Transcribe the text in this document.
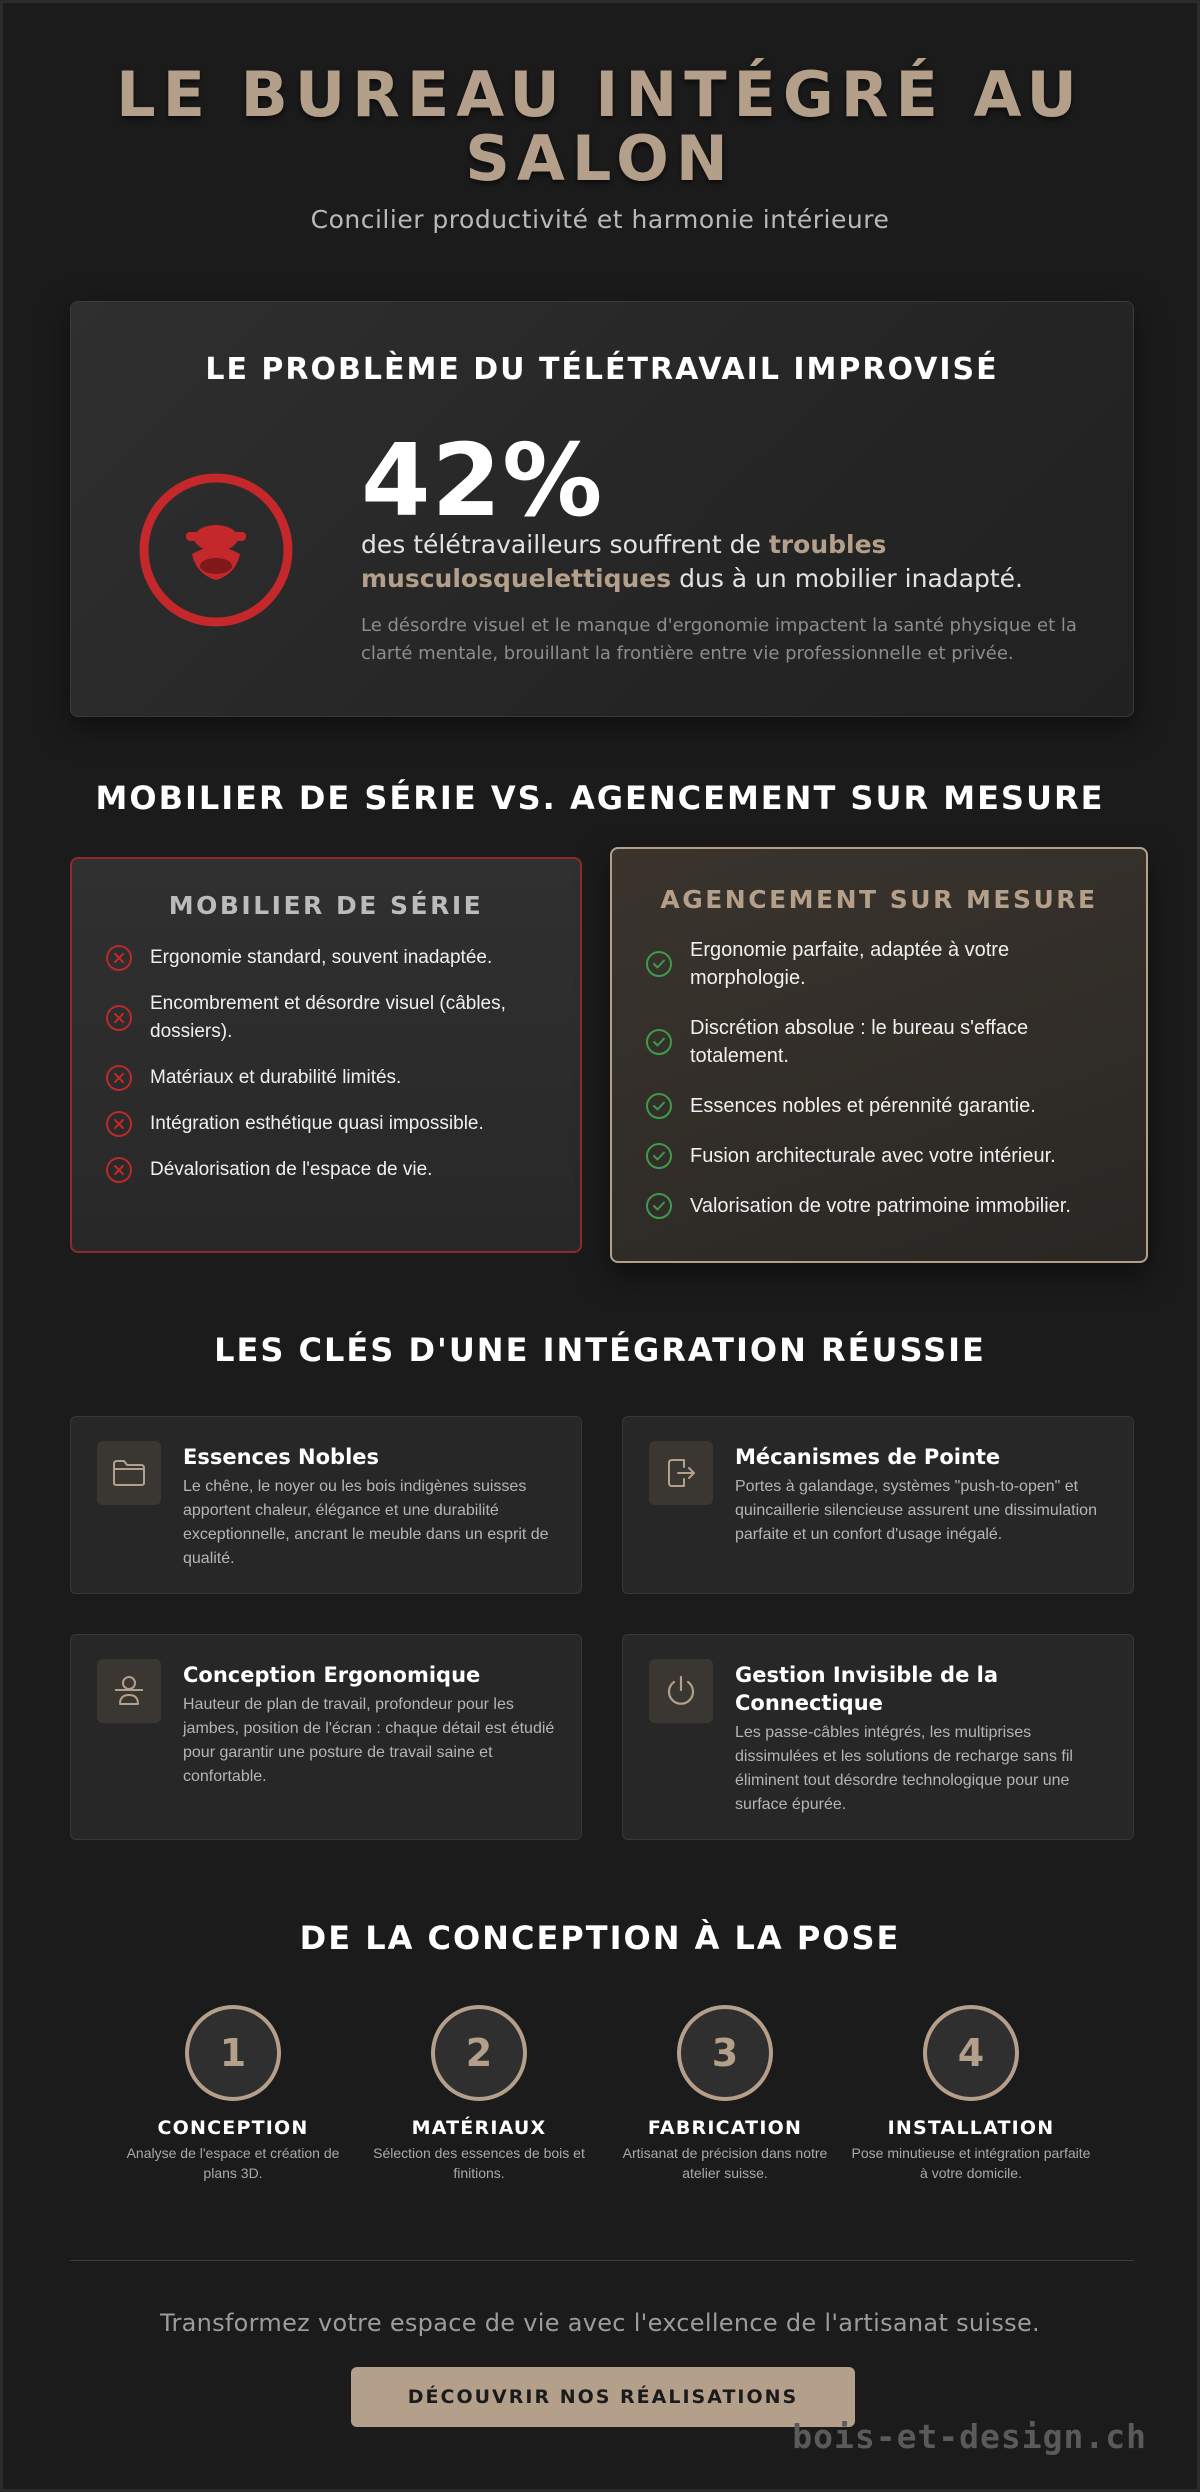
LE BUREAU INTÉGRÉ AU SALON

Concilier productivité et harmonie intérieure

LE PROBLÈME DU TÉLÉTRAVAIL IMPROVISÉ
42%

des télétravailleurs souffrent de troubles musculosquelettiques dus à un mobilier inadapté.

Le désordre visuel et le manque d'ergonomie impactent la santé physique et la clarté mentale, brouillant la frontière entre vie professionnelle et privée.

MOBILIER DE SÉRIE VS. AGENCEMENT SUR MESURE
MOBILIER DE SÉRIE
Ergonomie standard, souvent inadaptée.
Encombrement et désordre visuel (câbles, dossiers).
Matériaux et durabilité limités.
Intégration esthétique quasi impossible.
Dévalorisation de l'espace de vie.
AGENCEMENT SUR MESURE
Ergonomie parfaite, adaptée à votre morphologie.
Discrétion absolue : le bureau s'efface totalement.
Essences nobles et pérennité garantie.
Fusion architecturale avec votre intérieur.
Valorisation de votre patrimoine immobilier.
LES CLÉS D'UNE INTÉGRATION RÉUSSIE
Essences Nobles

Le chêne, le noyer ou les bois indigènes suisses apportent chaleur, élégance et une durabilité exceptionnelle, ancrant le meuble dans un esprit de qualité.

Mécanismes de Pointe

Portes à galandage, systèmes "push-to-open" et quincaillerie silencieuse assurent une dissimulation parfaite et un confort d'usage inégalé.

Conception Ergonomique

Hauteur de plan de travail, profondeur pour les jambes, position de l'écran : chaque détail est étudié pour garantir une posture de travail saine et confortable.

Gestion Invisible de la Connectique

Les passe-câbles intégrés, les multiprises dissimulées et les solutions de recharge sans fil éliminent tout désordre technologique pour une surface épurée.

DE LA CONCEPTION À LA POSE
1
CONCEPTION
Analyse de l'espace et création de plans 3D.
2
MATÉRIAUX
Sélection des essences de bois et finitions.
3
FABRICATION
Artisanat de précision dans notre atelier suisse.
4
INSTALLATION
Pose minutieuse et intégration parfaite à votre domicile.

Transformez votre espace de vie avec l'excellence de l'artisanat suisse.

DÉCOUVRIR NOS RÉALISATIONS
bois-et-design.ch
